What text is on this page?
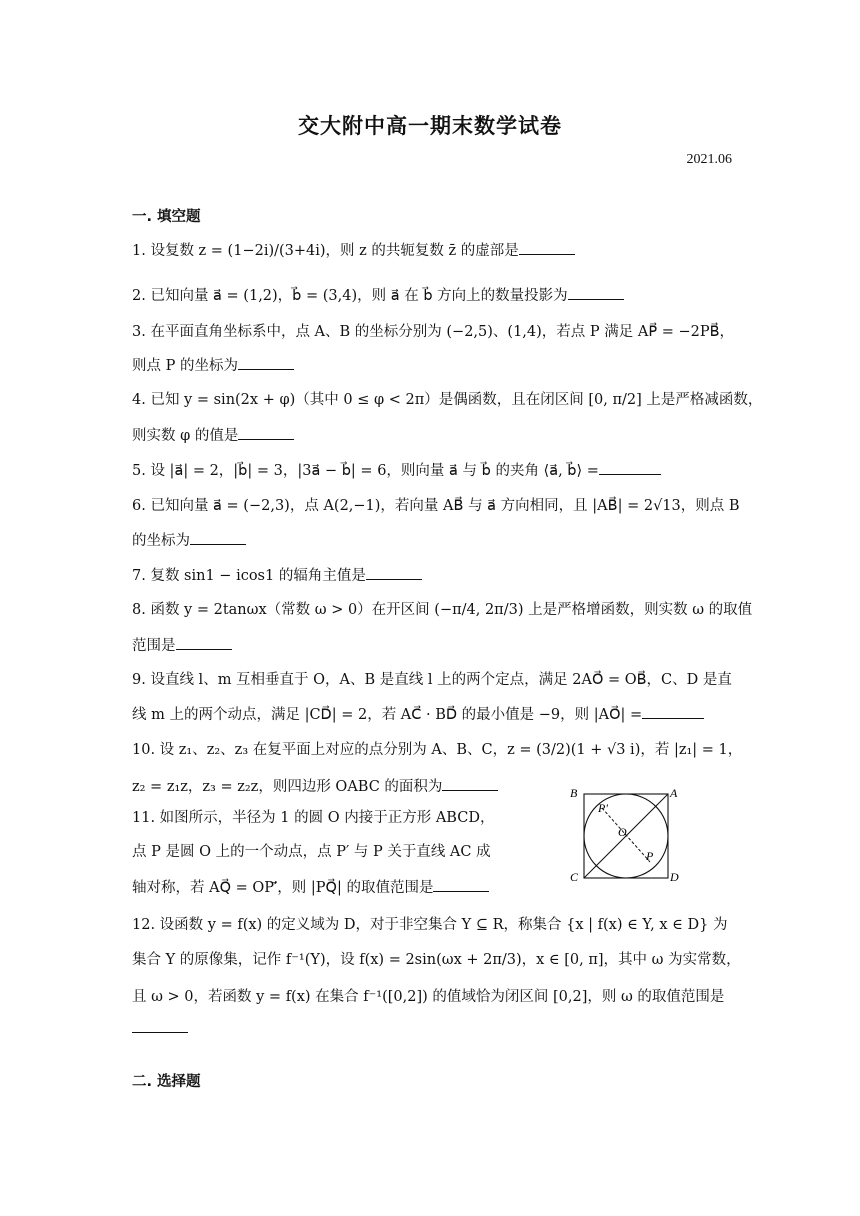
交大附中高一期末数学试卷
2021.06
一. 填空题
1. 设复数 z = (1−2i)/(3+4i)，则 z 的共轭复数 z̄ 的虚部是
2. 已知向量 a⃗ = (1,2)，b⃗ = (3,4)，则 a⃗ 在 b⃗ 方向上的数量投影为
3. 在平面直角坐标系中，点 A、B 的坐标分别为 (−2,5)、(1,4)，若点 P 满足 AP⃗ = −2PB⃗，
则点 P 的坐标为
4. 已知 y = sin(2x + φ)（其中 0 ≤ φ < 2π）是偶函数，且在闭区间 [0, π/2] 上是严格减函数，
则实数 φ 的值是
5. 设 |a⃗| = 2，|b⃗| = 3，|3a⃗ − b⃗| = 6，则向量 a⃗ 与 b⃗ 的夹角 ⟨a⃗, b⃗⟩ =
6. 已知向量 a⃗ = (−2,3)，点 A(2,−1)，若向量 AB⃗ 与 a⃗ 方向相同，且 |AB⃗| = 2√13，则点 B
的坐标为
7. 复数 sin1 − icos1 的辐角主值是
8. 函数 y = 2tanωx（常数 ω > 0）在开区间 (−π/4, 2π/3) 上是严格增函数，则实数 ω 的取值
范围是
9. 设直线 l、m 互相垂直于 O，A、B 是直线 l 上的两个定点，满足 2AO⃗ = OB⃗，C、D 是直
线 m 上的两个动点，满足 |CD⃗| = 2，若 AC⃗ · BD⃗ 的最小值是 −9，则 |AO⃗| =
10. 设 z₁、z₂、z₃ 在复平面上对应的点分别为 A、B、C，z = (3/2)(1 + √3 i)，若 |z₁| = 1，
z₂ = z₁z，z₃ = z₂z，则四边形 OABC 的面积为
11. 如图所示，半径为 1 的圆 O 内接于正方形 ABCD，
点 P 是圆 O 上的一个动点，点 P′ 与 P 关于直线 AC 成
轴对称，若 AQ⃗ = OP′⃗，则 |PQ⃗| 的取值范围是
B	A
C	D
O
P′
P
12. 设函数 y = f(x) 的定义域为 D，对于非空集合 Y ⊆ R，称集合 {x | f(x) ∈ Y, x ∈ D} 为
集合 Y 的原像集，记作 f⁻¹(Y)，设 f(x) = 2sin(ωx + 2π/3)，x ∈ [0, π]，其中 ω 为实常数，
且 ω > 0，若函数 y = f(x) 在集合 f⁻¹([0,2]) 的值域恰为闭区间 [0,2]，则 ω 的取值范围是
二. 选择题
